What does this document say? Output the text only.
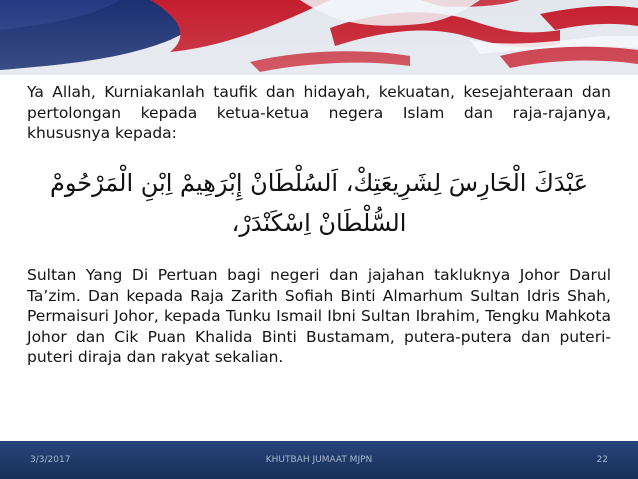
Ya Allah, Kurniakanlah taufik dan hidayah, kekuatan, kesejahteraan dan pertolongan kepada ketua-ketua negera Islam dan raja-rajanya, khususnya kepada:

عَبْدَكَ الْحَارِسَ لِشَرِيعَتِكْ، اَلسُلْطَانْ إِبْرَهِيمْ اِبْنِ الْمَرْحُومْ السُّلْطَانْ اِسْكَنْدَرْ،

Sultan Yang Di Pertuan bagi negeri dan jajahan takluknya Johor Darul Ta’zim. Dan kepada Raja Zarith Sofiah Binti Almarhum Sultan Idris Shah, Permaisuri Johor, kepada Tunku Ismail Ibni Sultan Ibrahim, Tengku Mahkota Johor dan Cik Puan Khalida Binti Bustamam, putera-putera dan puteri-puteri diraja dan rakyat sekalian.

3/3/2017	KHUTBAH JUMAAT MJPN	22
